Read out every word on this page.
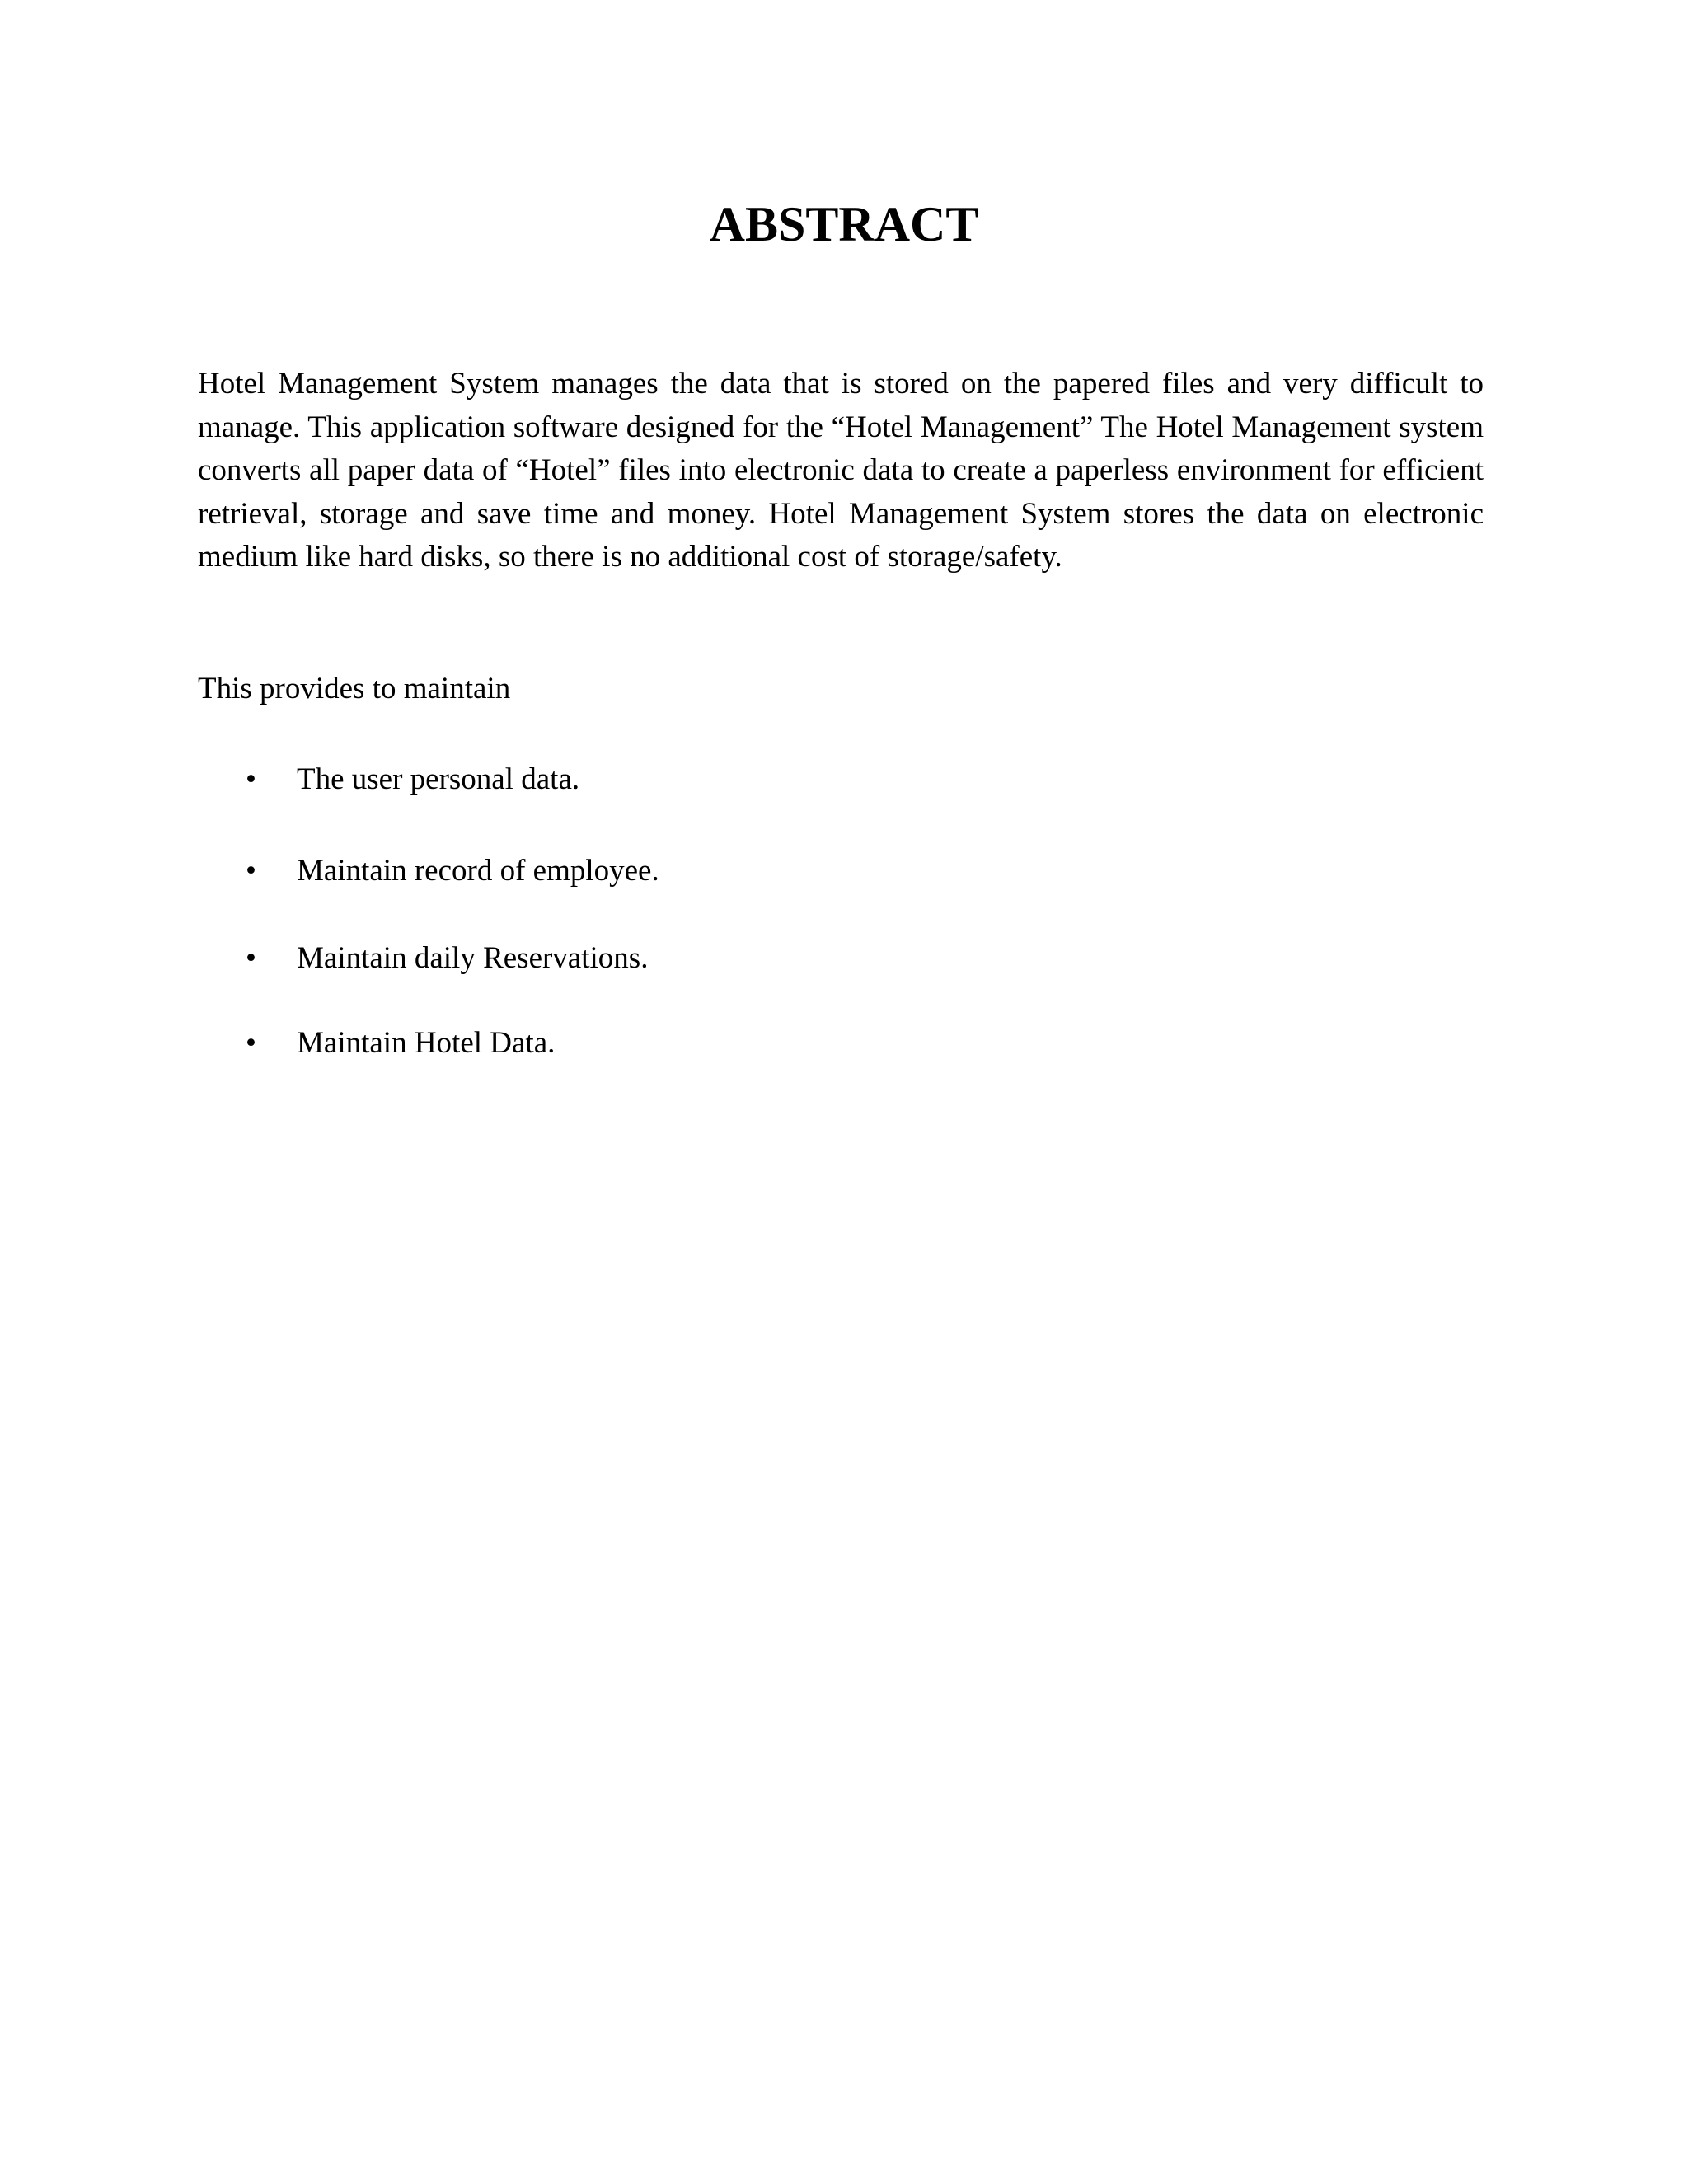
ABSTRACT

Hotel Management System manages the data that is stored on the papered files and very difficult to manage. This application software designed for the “Hotel Management” The Hotel Management system converts all paper data of “Hotel” files into electronic data to create a paperless environment for efficient retrieval, storage and save time and money. Hotel Management System stores the data on electronic medium like hard disks, so there is no additional cost of storage/safety.

This provides to maintain

• The user personal data.
• Maintain record of employee.
• Maintain daily Reservations.
• Maintain Hotel Data.
